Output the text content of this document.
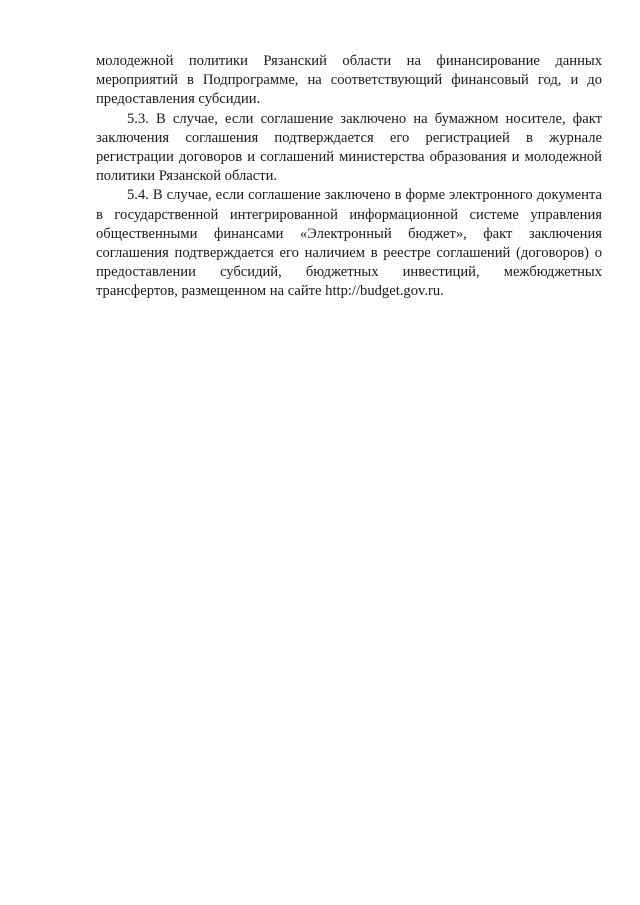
молодежной политики Рязанский области на финансирование данных мероприятий в Подпрограмме, на соответствующий финансовый год, и до предоставления субсидии.

5.3. В случае, если соглашение заключено на бумажном носителе, факт заключения соглашения подтверждается его регистрацией в журнале регистрации договоров и соглашений министерства образования и молодежной политики Рязанской области.

5.4. В случае, если соглашение заключено в форме электронного документа в государственной интегрированной информационной системе управления общественными финансами «Электронный бюджет», факт заключения соглашения подтверждается его наличием в реестре соглашений (договоров) о предоставлении субсидий, бюджетных инвестиций, межбюджетных трансфертов, размещенном на сайте http://budget.gov.ru.
